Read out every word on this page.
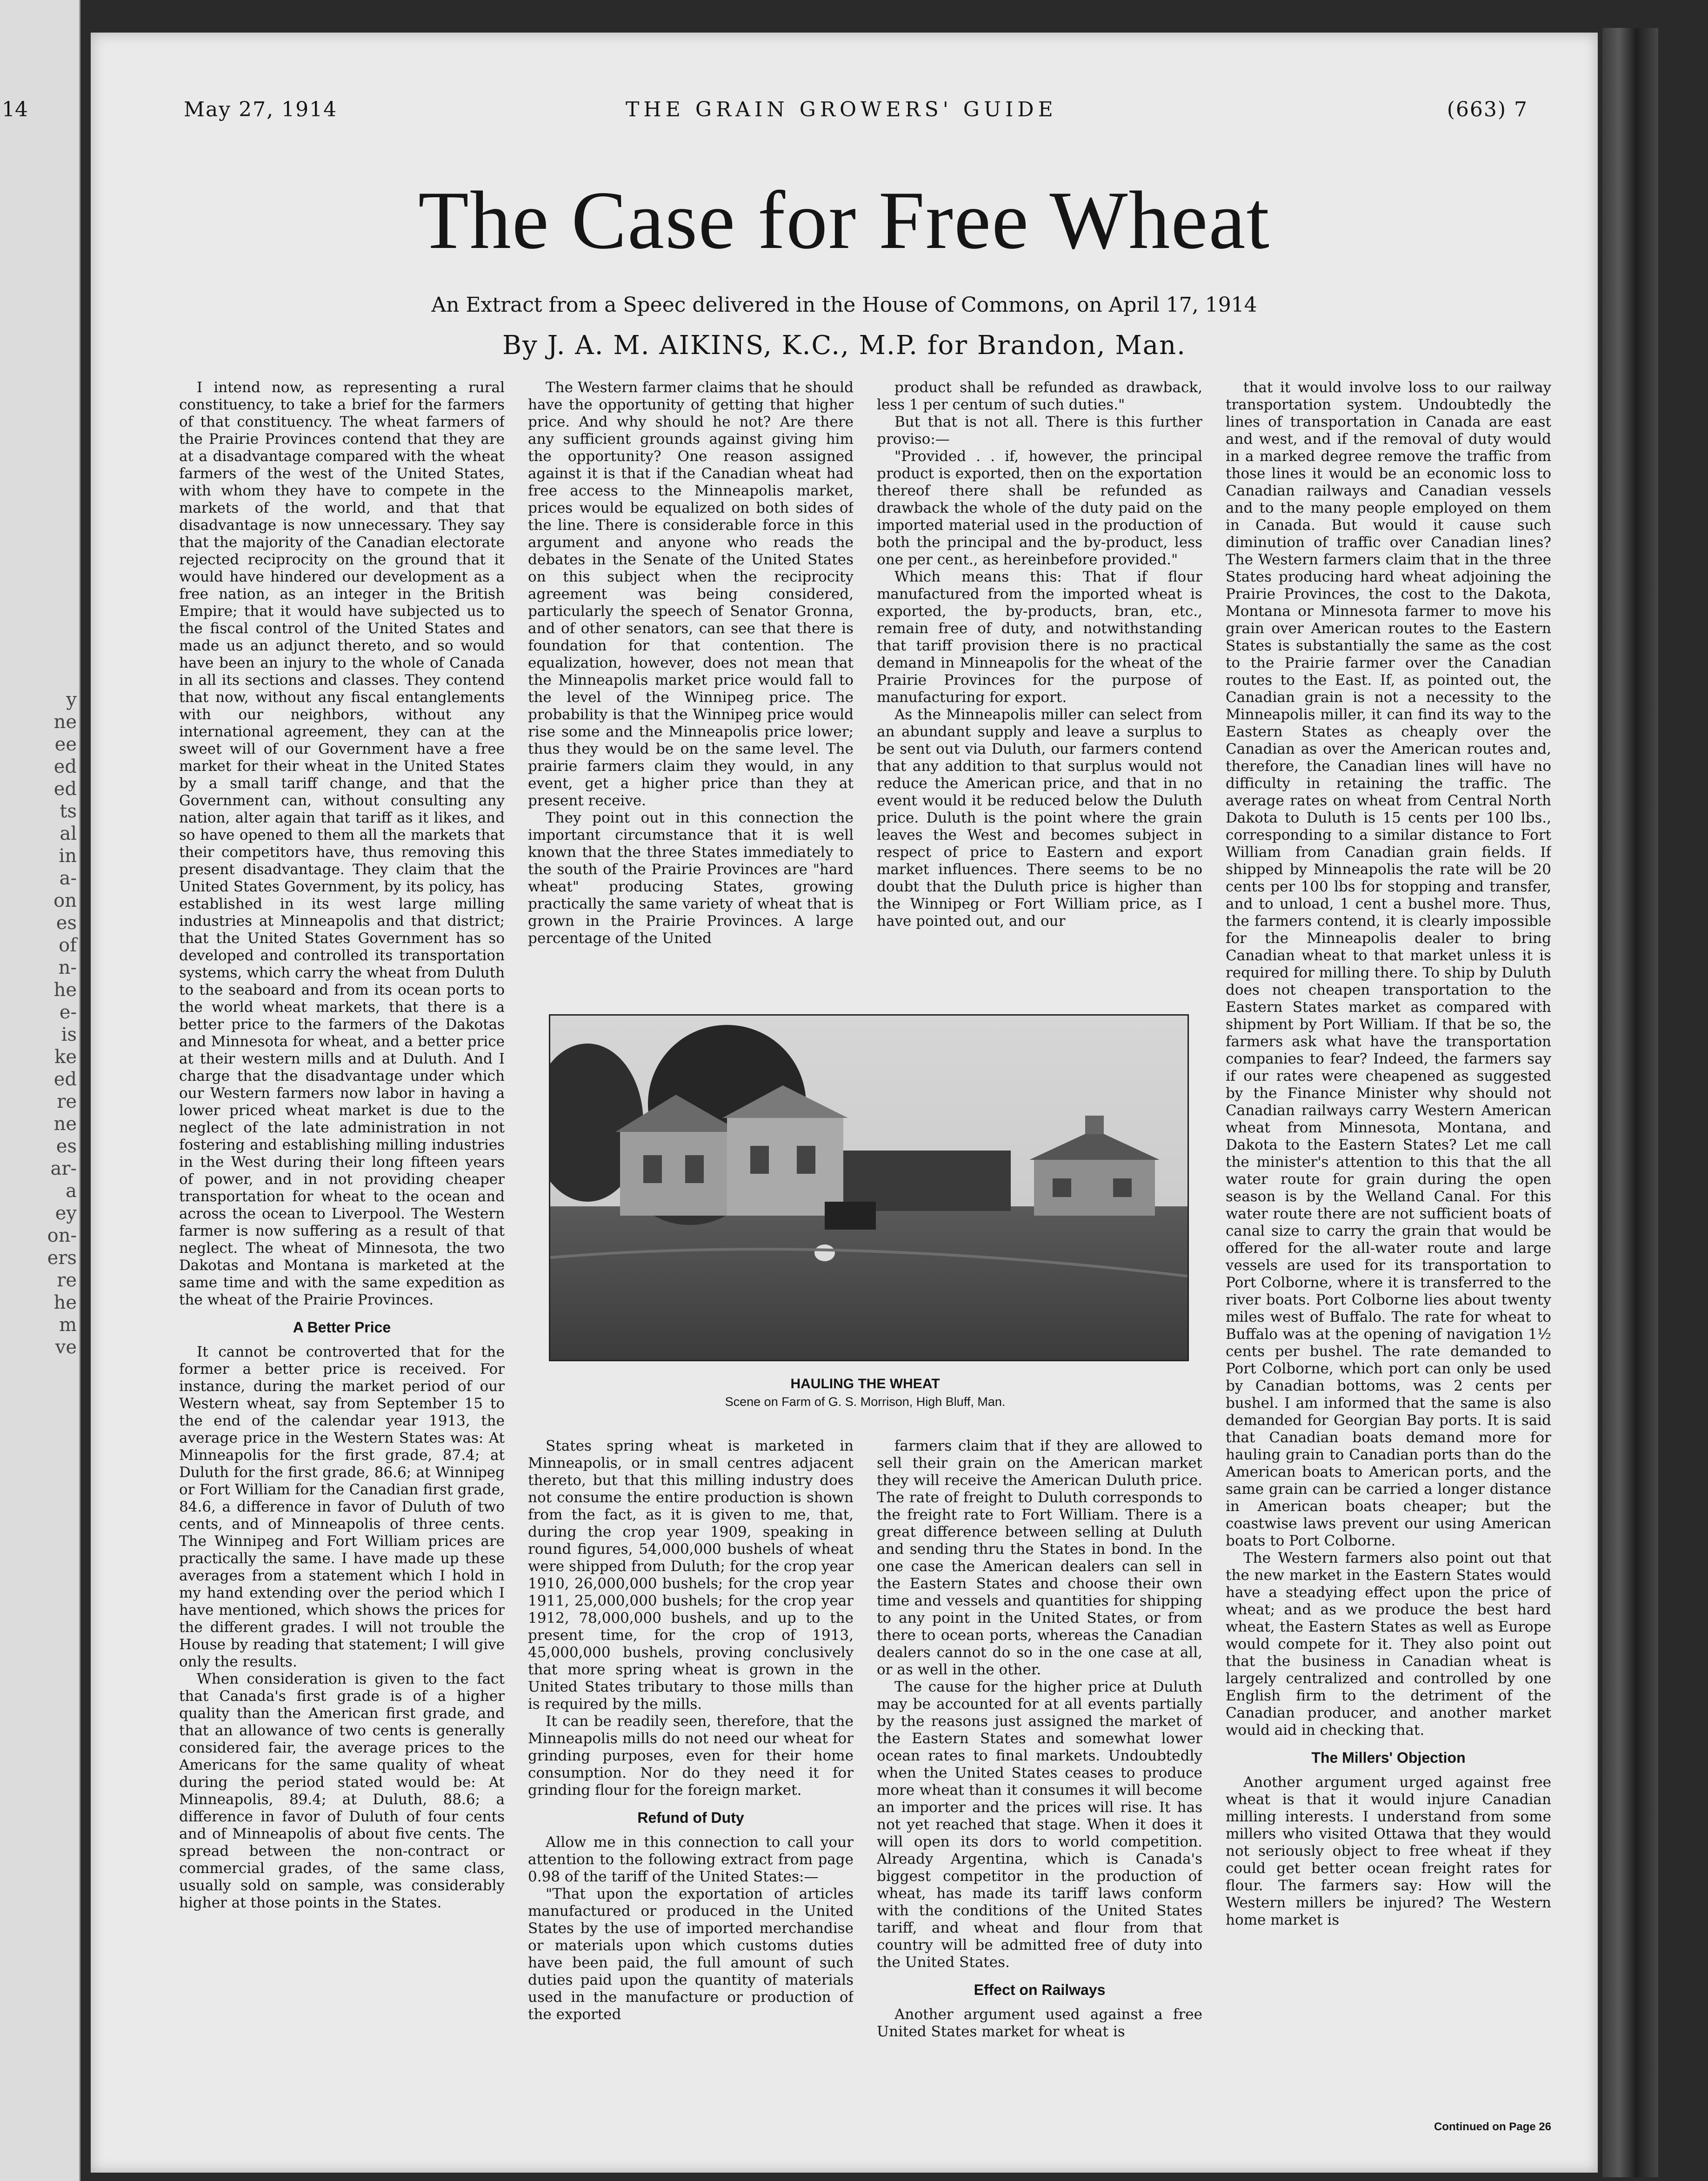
14
y
ne
ee
ed
ed
ts
al
in
a-
on
es
of
n-
he
e-
is
ke
ed
re
ne
es
ar-
a
ey
on-
ers
re
he
m
ve
May 27, 1914	THE GRAIN GROWERS' GUIDE	(663) 7
The Case for Free Wheat
An Extract from a Speec delivered in the House of Commons, on April 17, 1914
By J. A. M. AIKINS, K.C., M.P. for Brandon, Man.

I intend now, as representing a rural constituency, to take a brief for the farmers of that constituency. The wheat farmers of the Prairie Provinces contend that they are at a disadvantage compared with the wheat farmers of the west of the United States, with whom they have to compete in the markets of the world, and that that disadvantage is now unnecessary. They say that the majority of the Canadian electorate rejected reciprocity on the ground that it would have hindered our development as a free nation, as an integer in the British Empire; that it would have subjected us to the fiscal control of the United States and made us an adjunct thereto, and so would have been an injury to the whole of Canada in all its sections and classes. They contend that now, without any fiscal entanglements with our neighbors, without any international agreement, they can at the sweet will of our Government have a free market for their wheat in the United States by a small tariff change, and that the Government can, without consulting any nation, alter again that tariff as it likes, and so have opened to them all the markets that their competitors have, thus removing this present disadvantage. They claim that the United States Government, by its policy, has established in its west large milling industries at Minneapolis and that district; that the United States Government has so developed and controlled its transportation systems, which carry the wheat from Duluth to the seaboard and from its ocean ports to the world wheat markets, that there is a better price to the farmers of the Dakotas and Minnesota for wheat, and a better price at their western mills and at Duluth. And I charge that the disadvantage under which our Western farmers now labor in having a lower priced wheat market is due to the neglect of the late administration in not fostering and establishing milling industries in the West during their long fifteen years of power, and in not providing cheaper transportation for wheat to the ocean and across the ocean to Liverpool. The Western farmer is now suffering as a result of that neglect. The wheat of Minnesota, the two Dakotas and Montana is marketed at the same time and with the same expedition as the wheat of the Prairie Provinces.

A Better Price

It cannot be controverted that for the former a better price is received. For instance, during the market period of our Western wheat, say from September 15 to the end of the calendar year 1913, the average price in the Western States was: At Minneapolis for the first grade, 87.4; at Duluth for the first grade, 86.6; at Winnipeg or Fort William for the Canadian first grade, 84.6, a difference in favor of Duluth of two cents, and of Minneapolis of three cents. The Winnipeg and Fort William prices are practically the same. I have made up these averages from a statement which I hold in my hand extending over the period which I have mentioned, which shows the prices for the different grades. I will not trouble the House by reading that statement; I will give only the results.

When consideration is given to the fact that Canada's first grade is of a higher quality than the American first grade, and that an allowance of two cents is generally considered fair, the average prices to the Americans for the same quality of wheat during the period stated would be: At Minneapolis, 89.4; at Duluth, 88.6; a difference in favor of Duluth of four cents and of Minneapolis of about five cents. The spread between the non-contract or commercial grades, of the same class, usually sold on sample, was considerably higher at those points in the States.

The Western farmer claims that he should have the opportunity of getting that higher price. And why should he not? Are there any sufficient grounds against giving him the opportunity? One reason assigned against it is that if the Canadian wheat had free access to the Minneapolis market, prices would be equalized on both sides of the line. There is considerable force in this argument and anyone who reads the debates in the Senate of the United States on this subject when the reciprocity agreement was being considered, particularly the speech of Senator Gronna, and of other senators, can see that there is foundation for that contention. The equalization, however, does not mean that the Minneapolis market price would fall to the level of the Winnipeg price. The probability is that the Winnipeg price would rise some and the Minneapolis price lower; thus they would be on the same level. The prairie farmers claim they would, in any event, get a higher price than they at present receive.

They point out in this connection the important circumstance that it is well known that the three States immediately to the south of the Prairie Provinces are "hard wheat" producing States, growing practically the same variety of wheat that is grown in the Prairie Provinces. A large percentage of the United

product shall be refunded as drawback, less 1 per centum of such duties."

But that is not all. There is this further proviso:—

"Provided . . if, however, the principal product is exported, then on the exportation thereof there shall be refunded as drawback the whole of the duty paid on the imported material used in the production of both the principal and the by-product, less one per cent., as hereinbefore provided."

Which means this: That if flour manufactured from the imported wheat is exported, the by-products, bran, etc., remain free of duty, and notwithstanding that tariff provision there is no practical demand in Minneapolis for the wheat of the Prairie Provinces for the purpose of manufacturing for export.

As the Minneapolis miller can select from an abundant supply and leave a surplus to be sent out via Duluth, our farmers contend that any addition to that surplus would not reduce the American price, and that in no event would it be reduced below the Duluth price. Duluth is the point where the grain leaves the West and becomes subject in respect of price to Eastern and export market influences. There seems to be no doubt that the Duluth price is higher than the Winnipeg or Fort William price, as I have pointed out, and our

that it would involve loss to our railway transportation system. Undoubtedly the lines of transportation in Canada are east and west, and if the removal of duty would in a marked degree remove the traffic from those lines it would be an economic loss to Canadian railways and Canadian vessels and to the many people employed on them in Canada. But would it cause such diminution of traffic over Canadian lines? The Western farmers claim that in the three States producing hard wheat adjoining the Prairie Provinces, the cost to the Dakota, Montana or Minnesota farmer to move his grain over American routes to the Eastern States is substantially the same as the cost to the Prairie farmer over the Canadian routes to the East. If, as pointed out, the Canadian grain is not a necessity to the Minneapolis miller, it can find its way to the Eastern States as cheaply over the Canadian as over the American routes and, therefore, the Canadian lines will have no difficulty in retaining the traffic. The average rates on wheat from Central North Dakota to Duluth is 15 cents per 100 lbs., corresponding to a similar distance to Fort William from Canadian grain fields. If shipped by Minneapolis the rate will be 20 cents per 100 lbs for stopping and transfer, and to unload, 1 cent a bushel more. Thus, the farmers contend, it is clearly impossible for the Minneapolis dealer to bring Canadian wheat to that market unless it is required for milling there. To ship by Duluth does not cheapen transportation to the Eastern States market as compared with shipment by Port William. If that be so, the farmers ask what have the transportation companies to fear? Indeed, the farmers say if our rates were cheapened as suggested by the Finance Minister why should not Canadian railways carry Western American wheat from Minnesota, Montana, and Dakota to the Eastern States? Let me call the minister's attention to this that the all water route for grain during the open season is by the Welland Canal. For this water route there are not sufficient boats of canal size to carry the grain that would be offered for the all-water route and large vessels are used for its transportation to Port Colborne, where it is transferred to the river boats. Port Colborne lies about twenty miles west of Buffalo. The rate for wheat to Buffalo was at the opening of navigation 1½ cents per bushel. The rate demanded to Port Colborne, which port can only be used by Canadian bottoms, was 2 cents per bushel. I am informed that the same is also demanded for Georgian Bay ports. It is said that Canadian boats demand more for hauling grain to Canadian ports than do the American boats to American ports, and the same grain can be carried a longer distance in American boats cheaper; but the coastwise laws prevent our using American boats to Port Colborne.

The Western farmers also point out that the new market in the Eastern States would have a steadying effect upon the price of wheat; and as we produce the best hard wheat, the Eastern States as well as Europe would compete for it. They also point out that the business in Canadian wheat is largely centralized and controlled by one English firm to the detriment of the Canadian producer, and another market would aid in checking that.

The Millers' Objection

Another argument urged against free wheat is that it would injure Canadian milling interests. I understand from some millers who visited Ottawa that they would not seriously object to free wheat if they could get better ocean freight rates for flour. The farmers say: How will the Western millers be injured? The Western home market is

HAULING THE WHEAT
Scene on Farm of G. S. Morrison, High Bluff, Man.

States spring wheat is marketed in Minneapolis, or in small centres adjacent thereto, but that this milling industry does not consume the entire production is shown from the fact, as it is given to me, that, during the crop year 1909, speaking in round figures, 54,000,000 bushels of wheat were shipped from Duluth; for the crop year 1910, 26,000,000 bushels; for the crop year 1911, 25,000,000 bushels; for the crop year 1912, 78,000,000 bushels, and up to the present time, for the crop of 1913, 45,000,000 bushels, proving conclusively that more spring wheat is grown in the United States tributary to those mills than is required by the mills.

It can be readily seen, therefore, that the Minneapolis mills do not need our wheat for grinding purposes, even for their home consumption. Nor do they need it for grinding flour for the foreign market.

Refund of Duty

Allow me in this connection to call your attention to the following extract from page 0.98 of the tariff of the United States:—

"That upon the exportation of articles manufactured or produced in the United States by the use of imported merchandise or materials upon which customs duties have been paid, the full amount of such duties paid upon the quantity of materials used in the manufacture or production of the exported

farmers claim that if they are allowed to sell their grain on the American market they will receive the American Duluth price. The rate of freight to Duluth corresponds to the freight rate to Fort William. There is a great difference between selling at Duluth and sending thru the States in bond. In the one case the American dealers can sell in the Eastern States and choose their own time and vessels and quantities for shipping to any point in the United States, or from there to ocean ports, whereas the Canadian dealers cannot do so in the one case at all, or as well in the other.

The cause for the higher price at Duluth may be accounted for at all events partially by the reasons just assigned the market of the Eastern States and somewhat lower ocean rates to final markets. Undoubtedly when the United States ceases to produce more wheat than it consumes it will become an importer and the prices will rise. It has not yet reached that stage. When it does it will open its dors to world competition. Already Argentina, which is Canada's biggest competitor in the production of wheat, has made its tariff laws conform with the conditions of the United States tariff, and wheat and flour from that country will be admitted free of duty into the United States.

Effect on Railways

Another argument used against a free United States market for wheat is

Continued on Page 26
